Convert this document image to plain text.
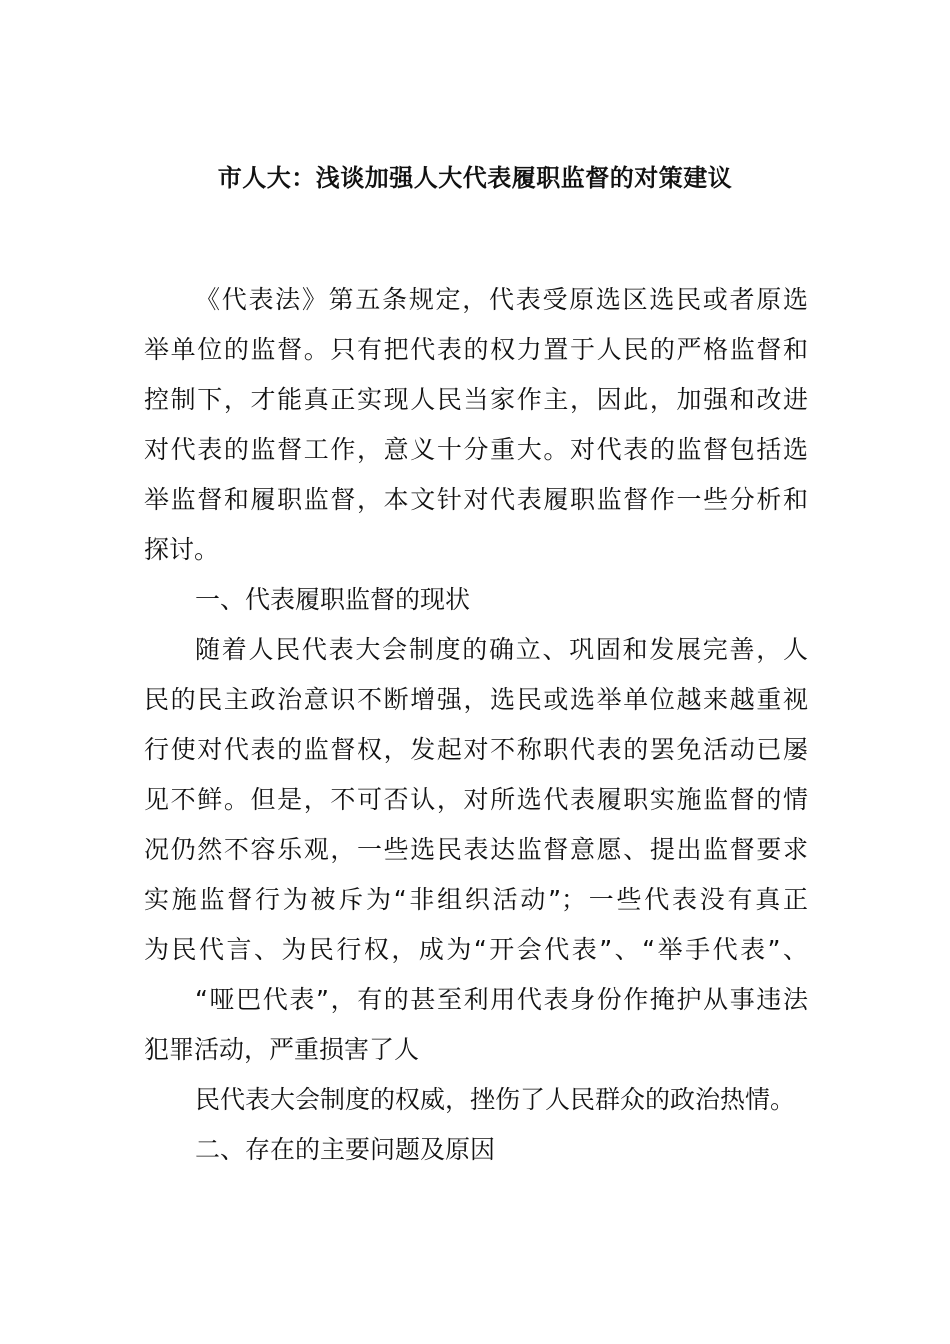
市人大：浅谈加强人大代表履职监督的对策建议
《代表法》第五条规定，代表受原选区选民或者原选
举单位的监督。只有把代表的权力置于人民的严格监督和
控制下，才能真正实现人民当家作主，因此，加强和改进
对代表的监督工作，意义十分重大。对代表的监督包括选
举监督和履职监督，本文针对代表履职监督作一些分析和
探讨。
一、代表履职监督的现状
随着人民代表大会制度的确立、巩固和发展完善，人
民的民主政治意识不断增强，选民或选举单位越来越重视
行使对代表的监督权，发起对不称职代表的罢免活动已屡
见不鲜。但是，不可否认，对所选代表履职实施监督的情
况仍然不容乐观，一些选民表达监督意愿、提出监督要求
实施监督行为被斥为“非组织活动”；一些代表没有真正
为民代言、为民行权，成为“开会代表”、“举手代表”、
“哑巴代表”，有的甚至利用代表身份作掩护从事违法
犯罪活动，严重损害了人
民代表大会制度的权威，挫伤了人民群众的政治热情。
二、存在的主要问题及原因
